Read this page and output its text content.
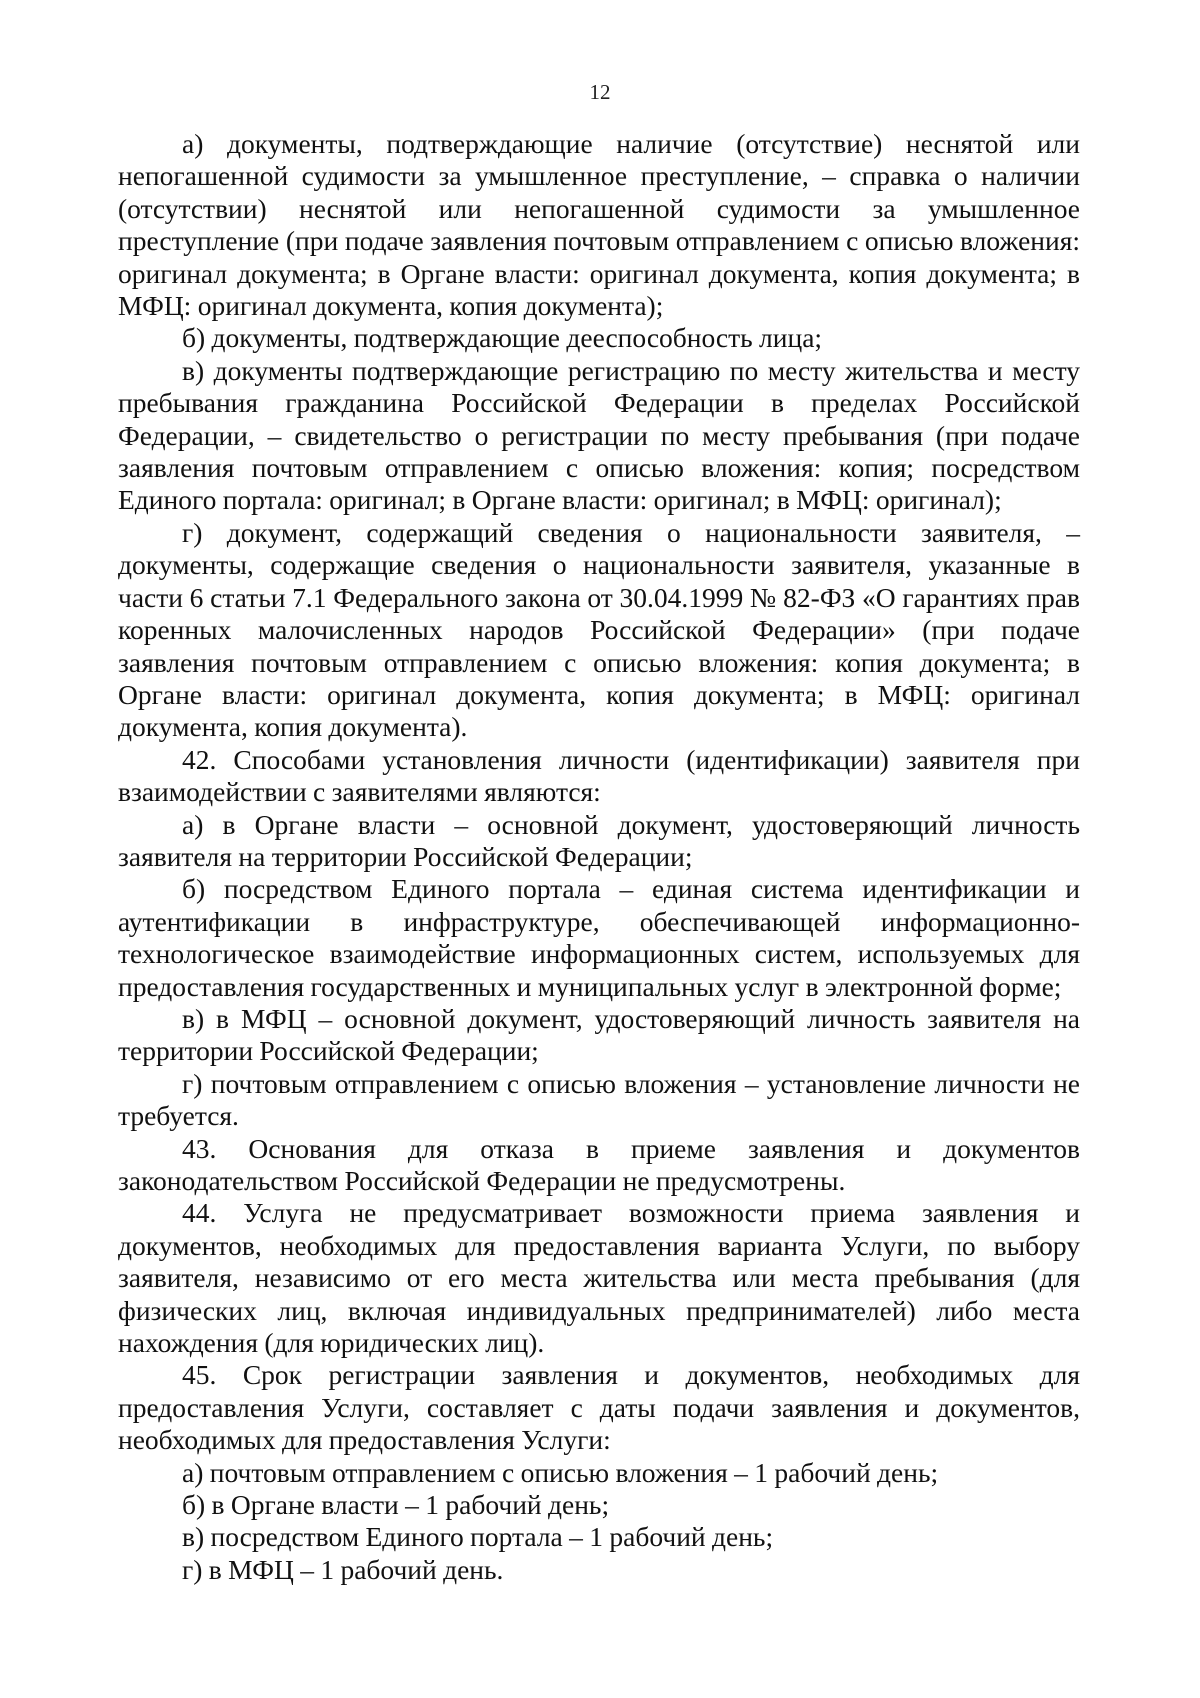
12

а) документы, подтверждающие наличие (отсутствие) неснятой или непогашенной судимости за умышленное преступление, – справка о наличии (отсутствии) неснятой или непогашенной судимости за умышленное преступление (при подаче заявления почтовым отправлением с описью вложения: оригинал документа; в Органе власти: оригинал документа, копия документа; в МФЦ: оригинал документа, копия документа);

б) документы, подтверждающие дееспособность лица;

в) документы подтверждающие регистрацию по месту жительства и месту пребывания гражданина Российской Федерации в пределах Российской Федерации, – свидетельство о регистрации по месту пребывания (при подаче заявления почтовым отправлением с описью вложения: копия; посредством Единого портала: оригинал; в Органе власти: оригинал; в МФЦ: оригинал);

г) документ, содержащий сведения о национальности заявителя, – документы, содержащие сведения о национальности заявителя, указанные в части 6 статьи 7.1 Федерального закона от 30.04.1999 № 82-ФЗ «О гарантиях прав коренных малочисленных народов Российской Федерации» (при подаче заявления почтовым отправлением с описью вложения: копия документа; в Органе власти: оригинал документа, копия документа; в МФЦ: оригинал документа, копия документа).

42. Способами установления личности (идентификации) заявителя при взаимодействии с заявителями являются:

а) в Органе власти – основной документ, удостоверяющий личность заявителя на территории Российской Федерации;

б) посредством Единого портала – единая система идентификации и аутентификации в инфраструктуре, обеспечивающей информационно-технологическое взаимодействие информационных систем, используемых для предоставления государственных и муниципальных услуг в электронной форме;

в) в МФЦ – основной документ, удостоверяющий личность заявителя на территории Российской Федерации;

г) почтовым отправлением с описью вложения – установление личности не требуется.

43. Основания для отказа в приеме заявления и документов законодательством Российской Федерации не предусмотрены.

44. Услуга не предусматривает возможности приема заявления и документов, необходимых для предоставления варианта Услуги, по выбору заявителя, независимо от его места жительства или места пребывания (для физических лиц, включая индивидуальных предпринимателей) либо места нахождения (для юридических лиц).

45. Срок регистрации заявления и документов, необходимых для предоставления Услуги, составляет с даты подачи заявления и документов, необходимых для предоставления Услуги:

а) почтовым отправлением с описью вложения – 1 рабочий день;

б) в Органе власти – 1 рабочий день;

в) посредством Единого портала – 1 рабочий день;

г) в МФЦ – 1 рабочий день.
